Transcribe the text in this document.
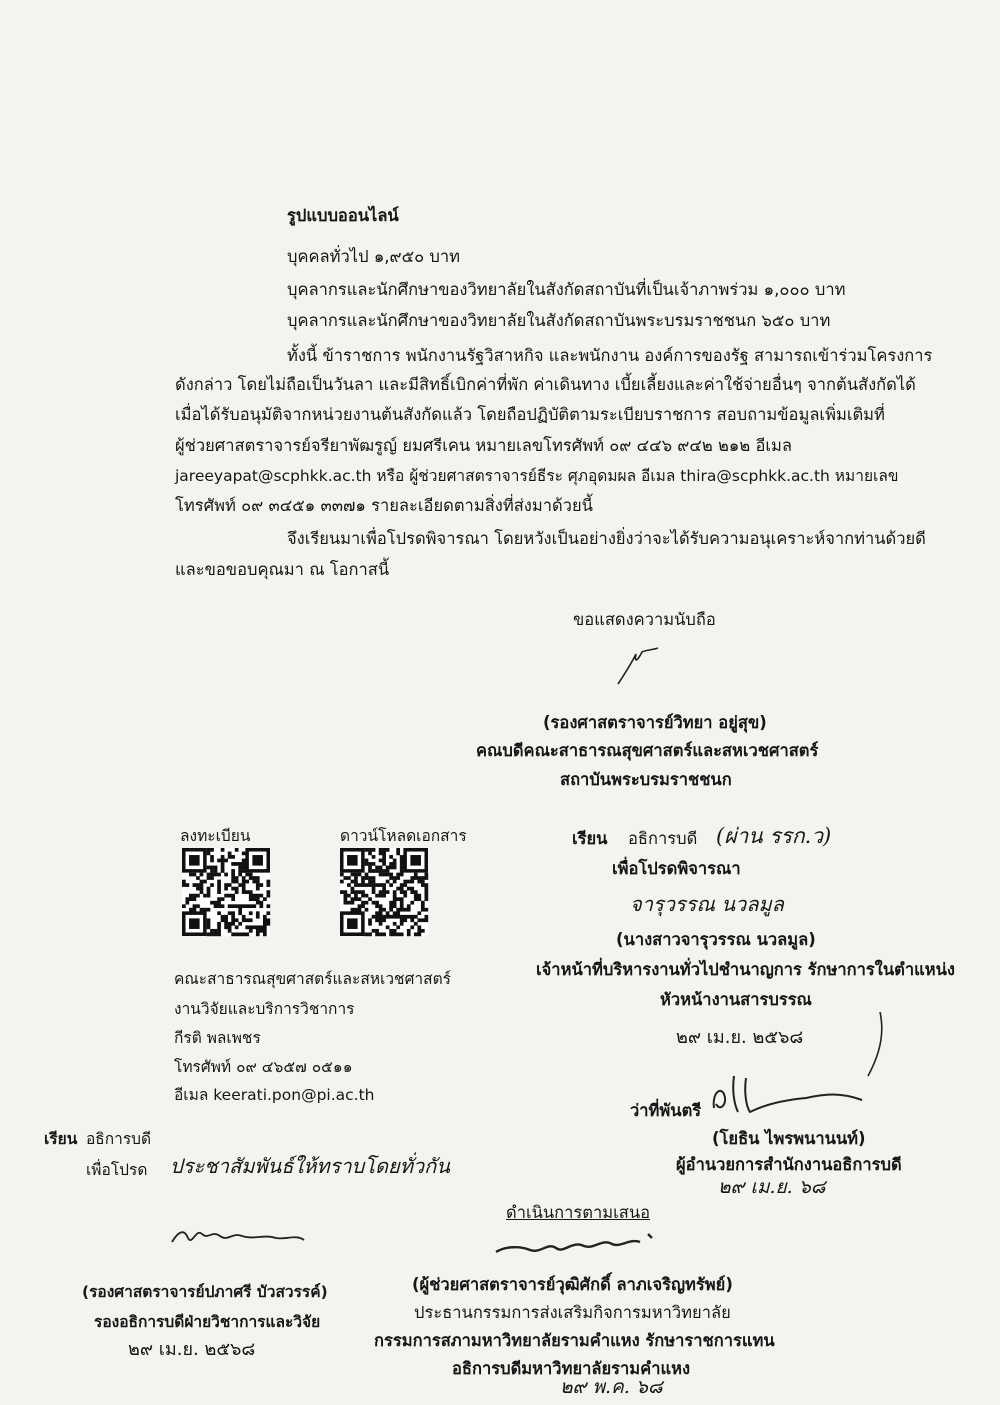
รูปแบบออนไลน์
บุคคลทั่วไป ๑,๙๕๐ บาท
บุคลากรและนักศึกษาของวิทยาลัยในสังกัดสถาบันที่เป็นเจ้าภาพร่วม ๑,๐๐๐ บาท
บุคลากรและนักศึกษาของวิทยาลัยในสังกัดสถาบันพระบรมราชชนก ๖๕๐ บาท
ทั้งนี้ ข้าราชการ พนักงานรัฐวิสาหกิจ และพนักงาน องค์การของรัฐ สามารถเข้าร่วมโครงการ
ดังกล่าว โดยไม่ถือเป็นวันลา และมีสิทธิ์เบิกค่าที่พัก ค่าเดินทาง เบี้ยเลี้ยงและค่าใช้จ่ายอื่นๆ จากต้นสังกัดได้
เมื่อได้รับอนุมัติจากหน่วยงานต้นสังกัดแล้ว โดยถือปฏิบัติตามระเบียบราชการ สอบถามข้อมูลเพิ่มเติมที่
ผู้ช่วยศาสตราจารย์จรียาพัฒรูญ์ ยมศรีเคน หมายเลขโทรศัพท์ ๐๙ ๔๔๖ ๙๔๒ ๒๑๒ อีเมล
jareeyapat@scphkk.ac.th หรือ ผู้ช่วยศาสตราจารย์ธีระ ศุภอุดมผล อีเมล thira@scphkk.ac.th หมายเลข
โทรศัพท์ ๐๙ ๓๔๕๑ ๓๓๗๑ รายละเอียดตามสิ่งที่ส่งมาด้วยนี้
จึงเรียนมาเพื่อโปรดพิจารณา โดยหวังเป็นอย่างยิ่งว่าจะได้รับความอนุเคราะห์จากท่านด้วยดี
และขอขอบคุณมา ณ โอกาสนี้
ขอแสดงความนับถือ
(รองศาสตราจารย์วิทยา อยู่สุข)
คณบดีคณะสาธารณสุขศาสตร์และสหเวชศาสตร์
สถาบันพระบรมราชชนก
ลงทะเบียน	ดาวน์โหลดเอกสาร
คณะสาธารณสุขศาสตร์และสหเวชศาสตร์
งานวิจัยและบริการวิชาการ
กีรติ พลเพชร
โทรศัพท์ ๐๙ ๔๖๕๗ ๐๕๑๑
อีเมล keerati.pon@pi.ac.th
เรียน อธิการบดี (ผ่าน รรก.ว)
เพื่อโปรดพิจารณา
จารุวรรณ นวลมูล
(นางสาวจารุวรรณ นวลมูล)
เจ้าหน้าที่บริหารงานทั่วไปชำนาญการ รักษาการในตำแหน่ง
หัวหน้างานสารบรรณ
๒๙ เม.ย. ๒๕๖๘
ว่าที่พันตรี
(โยธิน ไพรพนานนท์)
ผู้อำนวยการสำนักงานอธิการบดี
๒๙ เม.ย. ๖๘
เรียน อธิการบดี
เพื่อโปรด ประชาสัมพันธ์ให้ทราบโดยทั่วกัน
(รองศาสตราจารย์ปภาศรี บัวสวรรค์)
รองอธิการบดีฝ่ายวิชาการและวิจัย
๒๙ เม.ย. ๒๕๖๘
ดำเนินการตามเสนอ
(ผู้ช่วยศาสตราจารย์วุฒิศักดิ์ ลาภเจริญทรัพย์)
ประธานกรรมการส่งเสริมกิจการมหาวิทยาลัย
กรรมการสภามหาวิทยาลัยรามคำแหง รักษาราชการแทน
อธิการบดีมหาวิทยาลัยรามคำแหง
๒๙ พ.ค. ๖๘
